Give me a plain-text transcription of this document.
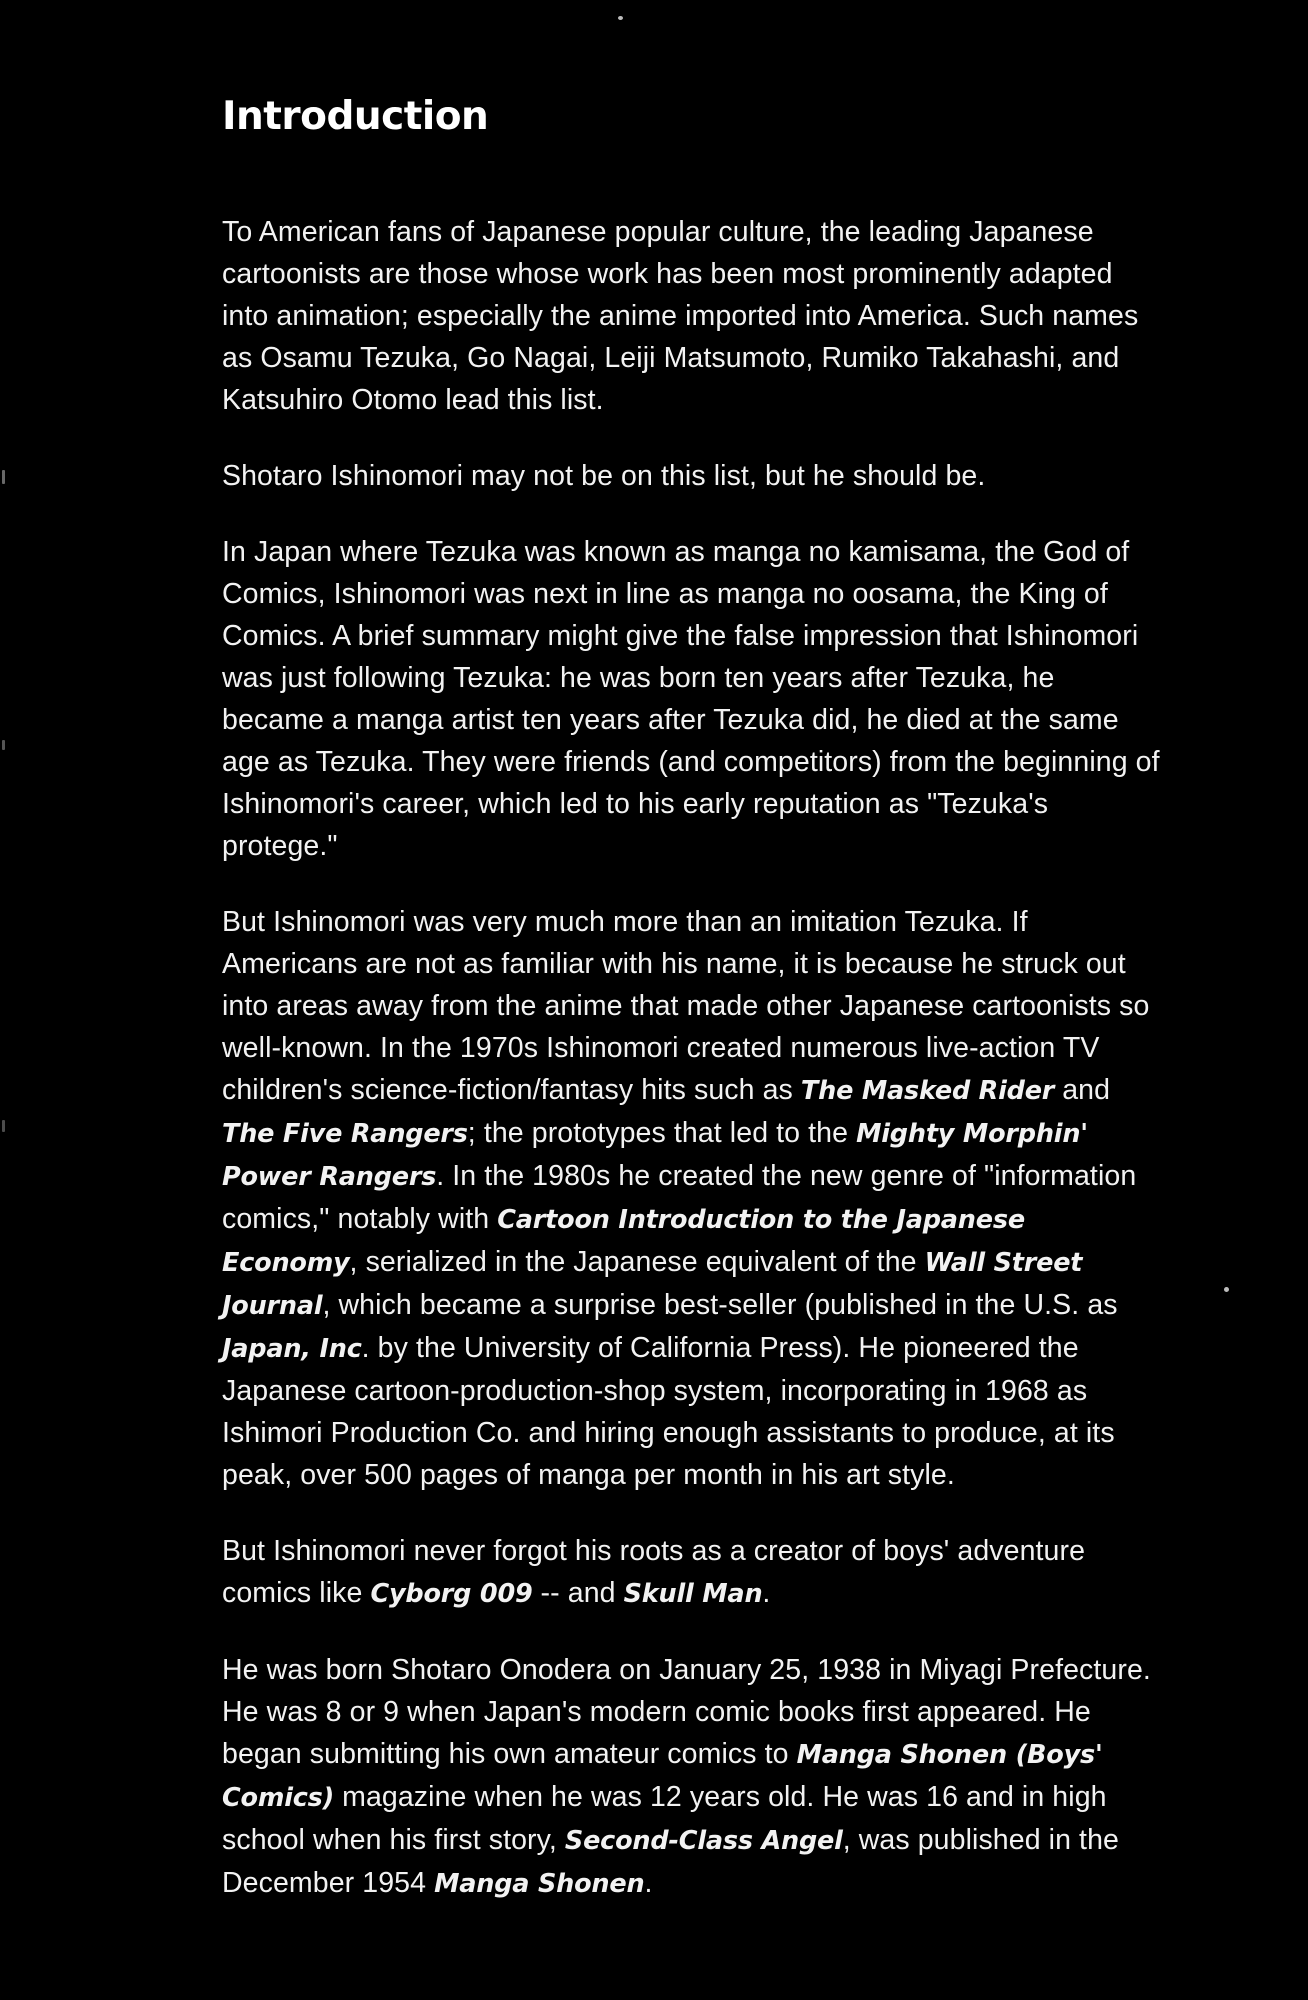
Introduction

To American fans of Japanese popular culture, the leading Japanese cartoonists are those whose work has been most prominently adapted into animation; especially the anime imported into America. Such names as Osamu Tezuka, Go Nagai, Leiji Matsumoto, Rumiko Takahashi, and Katsuhiro Otomo lead this list.

Shotaro Ishinomori may not be on this list, but he should be.

In Japan where Tezuka was known as manga no kamisama, the God of Comics, Ishinomori was next in line as manga no oosama, the King of Comics. A brief summary might give the false impression that Ishinomori was just following Tezuka: he was born ten years after Tezuka, he became a manga artist ten years after Tezuka did, he died at the same age as Tezuka. They were friends (and competitors) from the beginning of Ishinomori's career, which led to his early reputation as "Tezuka's protege."

But Ishinomori was very much more than an imitation Tezuka. If Americans are not as familiar with his name, it is because he struck out into areas away from the anime that made other Japanese cartoonists so well-known. In the 1970s Ishinomori created numerous live-action TV children's science-fiction/fantasy hits such as The Masked Rider and The Five Rangers; the prototypes that led to the Mighty Morphin' Power Rangers. In the 1980s he created the new genre of "information comics," notably with Cartoon Introduction to the Japanese Economy, serialized in the Japanese equivalent of the Wall Street Journal, which became a surprise best-seller (published in the U.S. as Japan, Inc. by the University of California Press). He pioneered the Japanese cartoon-production-shop system, incorporating in 1968 as Ishimori Production Co. and hiring enough assistants to produce, at its peak, over 500 pages of manga per month in his art style.

But Ishinomori never forgot his roots as a creator of boys' adventure comics like Cyborg 009 -- and Skull Man.

He was born Shotaro Onodera on January 25, 1938 in Miyagi Prefecture. He was 8 or 9 when Japan's modern comic books first appeared. He began submitting his own amateur comics to Manga Shonen (Boys' Comics) magazine when he was 12 years old. He was 16 and in high school when his first story, Second-Class Angel, was published in the December 1954 Manga Shonen.
